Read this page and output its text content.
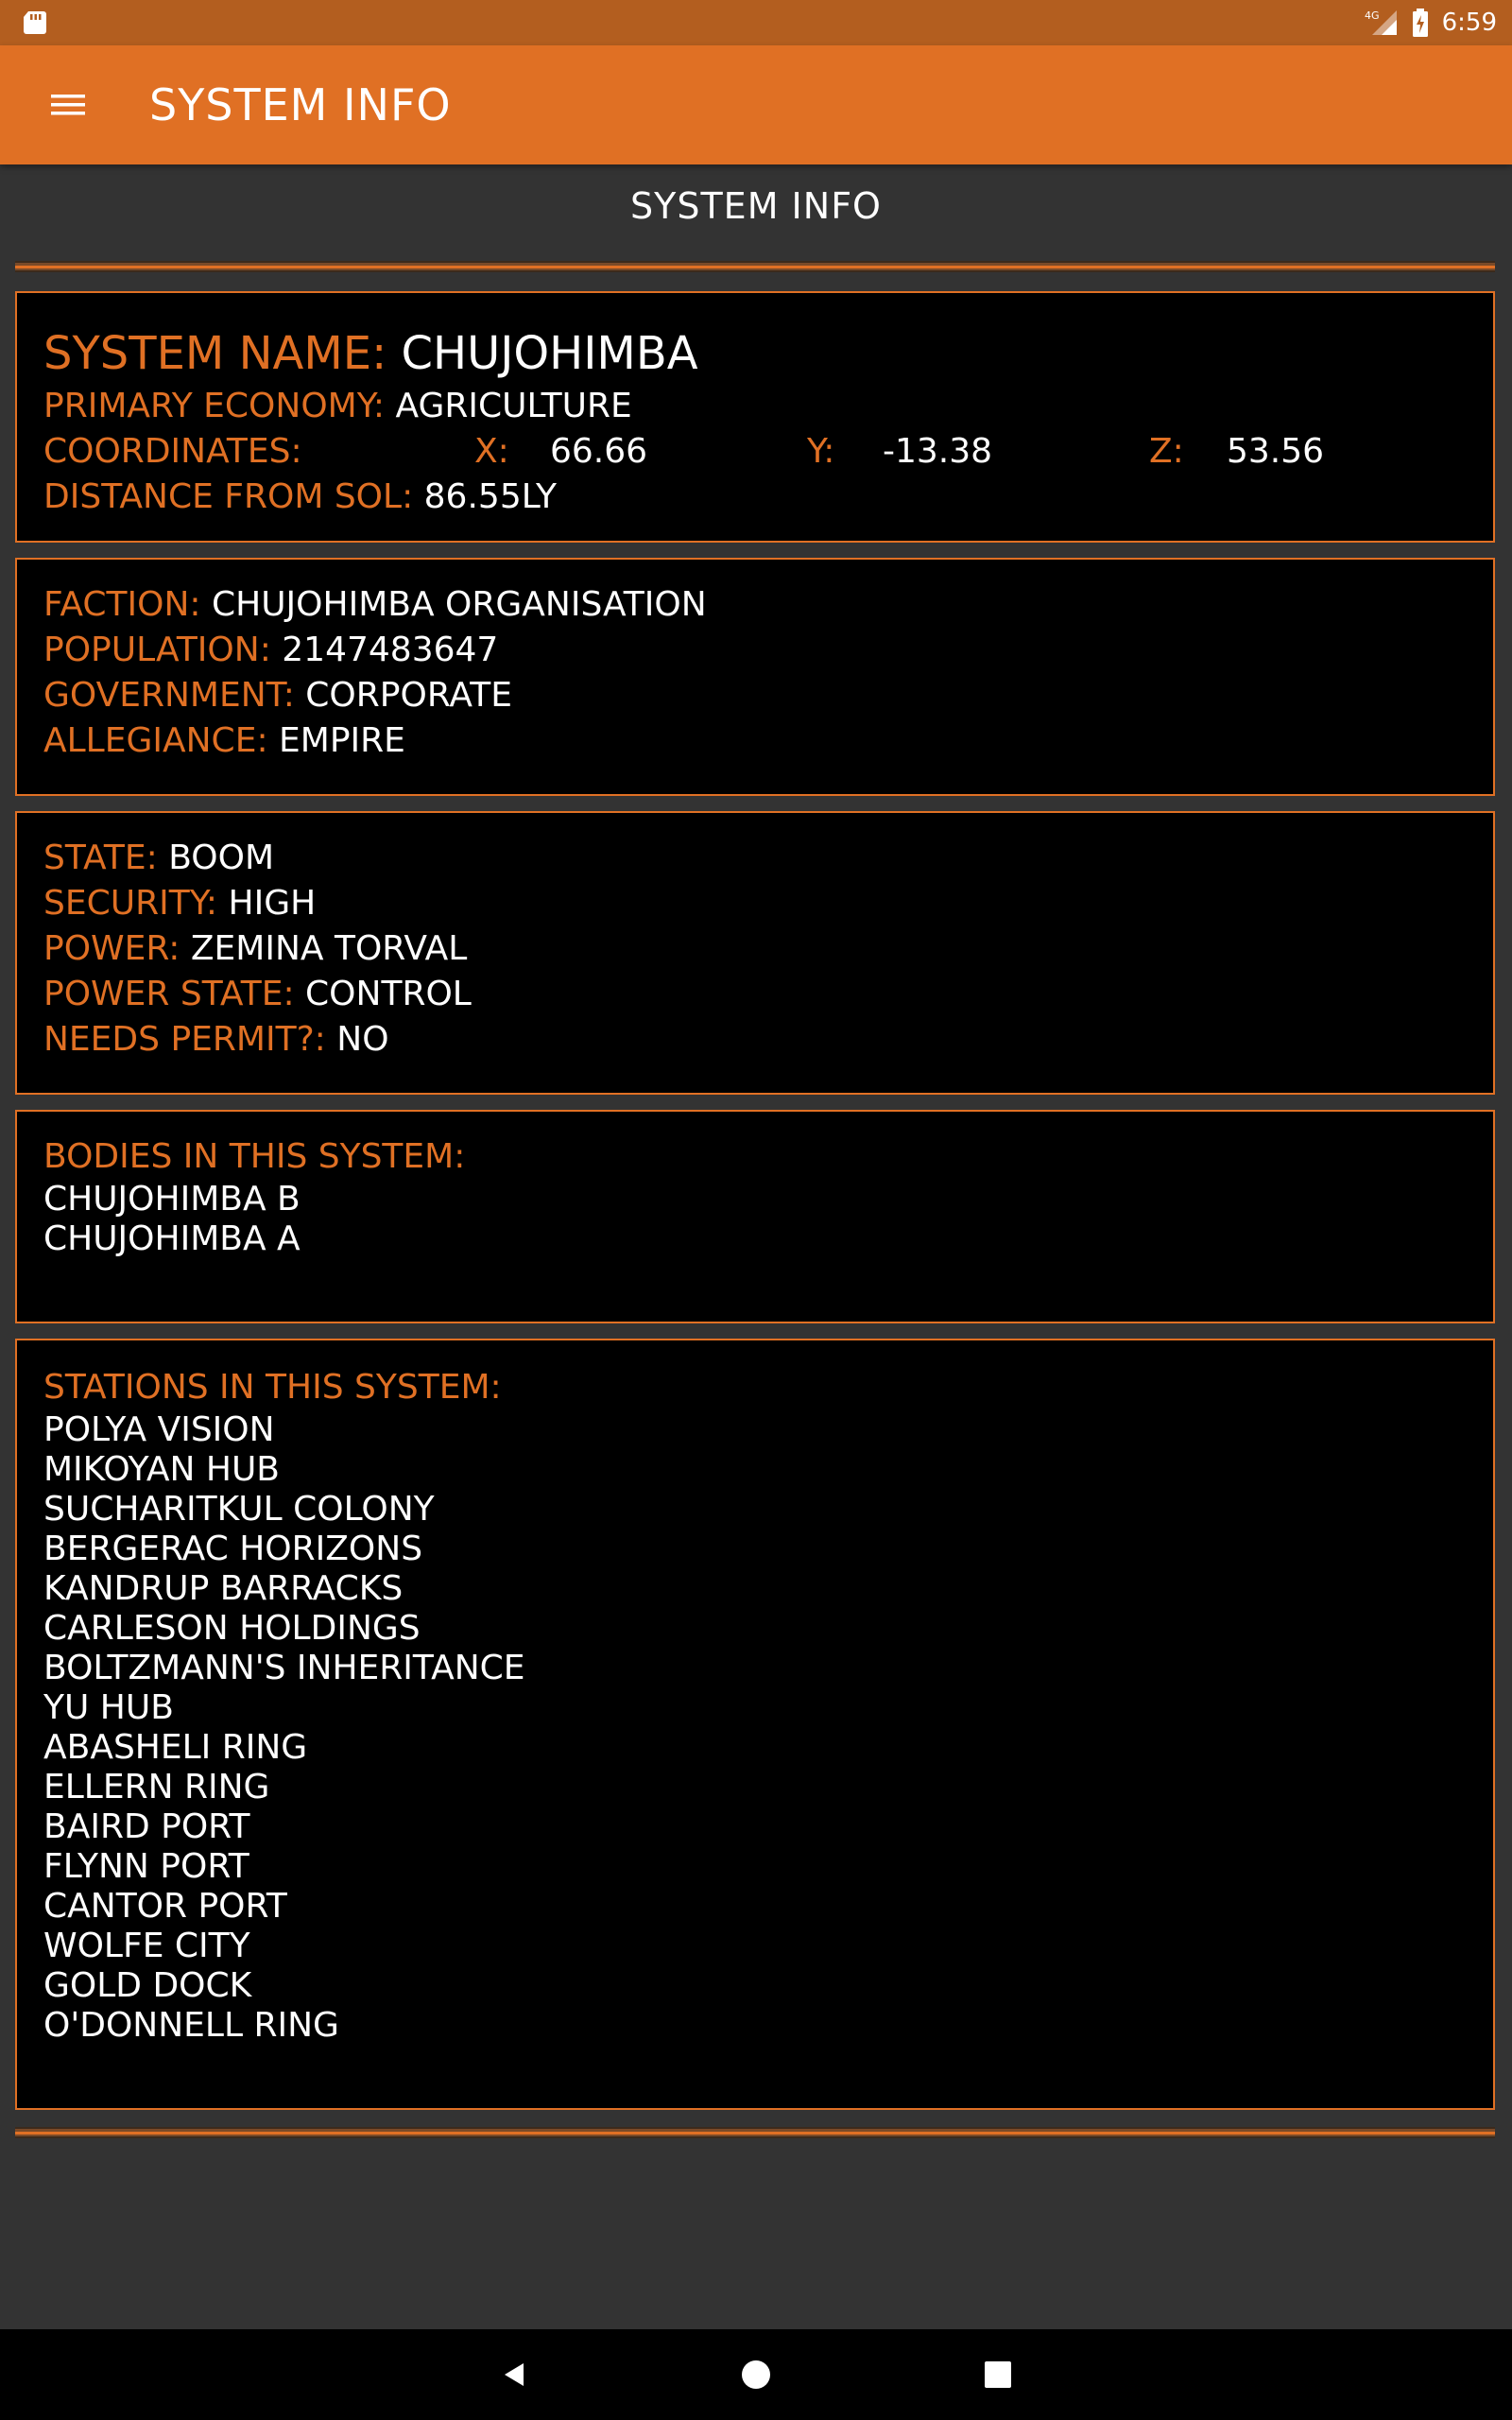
4G	6:59
SYSTEM INFO
SYSTEM INFO
SYSTEM NAME: CHUJOHIMBA
PRIMARY ECONOMY: AGRICULTURE
COORDINATES:	X: 66.66	Y: -13.38	Z: 53.56
DISTANCE FROM SOL: 86.55LY
FACTION: CHUJOHIMBA ORGANISATION
POPULATION: 2147483647
GOVERNMENT: CORPORATE
ALLEGIANCE: EMPIRE
STATE: BOOM
SECURITY: HIGH
POWER: ZEMINA TORVAL
POWER STATE: CONTROL
NEEDS PERMIT?: NO
BODIES IN THIS SYSTEM:
CHUJOHIMBA B
CHUJOHIMBA A
STATIONS IN THIS SYSTEM:
POLYA VISION
MIKOYAN HUB
SUCHARITKUL COLONY
BERGERAC HORIZONS
KANDRUP BARRACKS
CARLESON HOLDINGS
BOLTZMANN'S INHERITANCE
YU HUB
ABASHELI RING
ELLERN RING
BAIRD PORT
FLYNN PORT
CANTOR PORT
WOLFE CITY
GOLD DOCK
O'DONNELL RING
